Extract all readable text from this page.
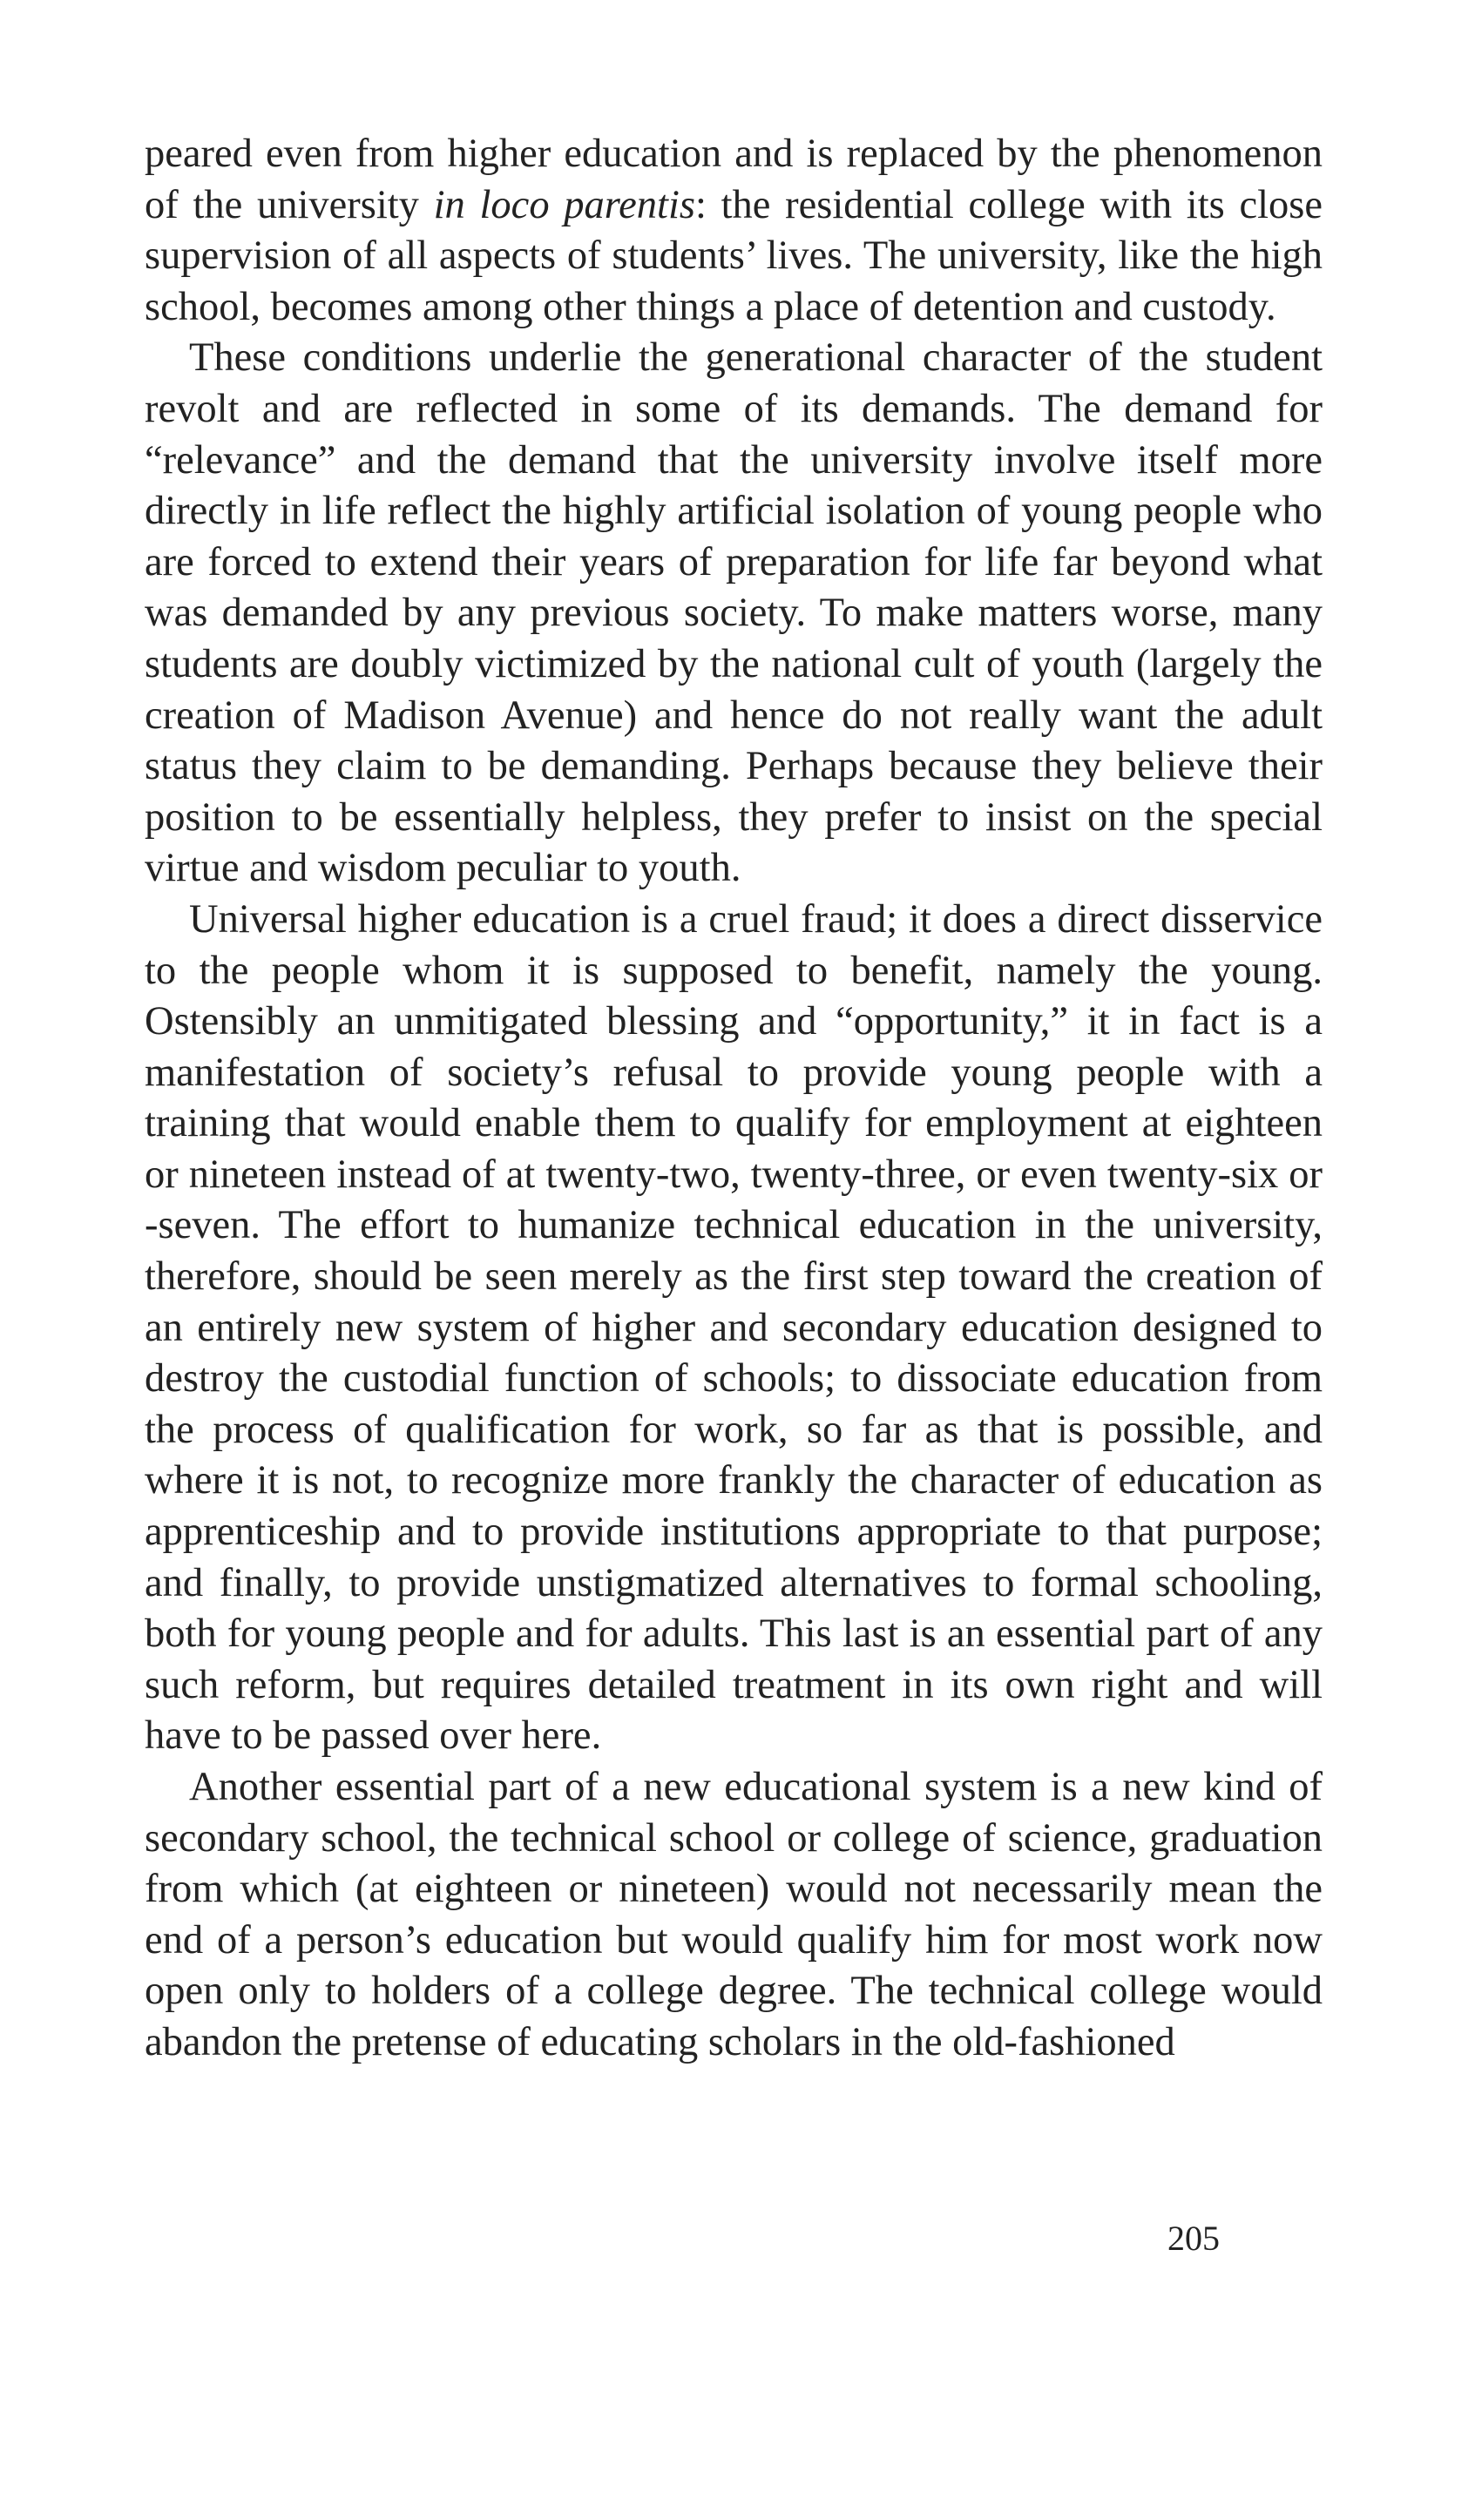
peared even from higher education and is replaced by the phenomenon of the university in loco parentis: the residential college with its close supervision of all aspects of students’ lives. The university, like the high school, becomes among other things a place of detention and custody.

These conditions underlie the generational character of the student revolt and are reflected in some of its demands. The demand for “relevance” and the demand that the university involve itself more directly in life reflect the highly artificial isolation of young people who are forced to extend their years of preparation for life far beyond what was demanded by any previous society. To make matters worse, many students are doubly victimized by the national cult of youth (largely the creation of Madison Avenue) and hence do not really want the adult status they claim to be demanding. Perhaps because they believe their position to be essentially helpless, they prefer to insist on the special virtue and wisdom peculiar to youth.

Universal higher education is a cruel fraud; it does a direct disservice to the people whom it is supposed to benefit, namely the young. Ostensibly an unmitigated blessing and “opportunity,” it in fact is a manifestation of society’s refusal to provide young people with a training that would enable them to qualify for employment at eighteen or nineteen instead of at twenty-two, twenty-three, or even twenty-six or -seven. The effort to humanize technical education in the university, therefore, should be seen merely as the first step toward the creation of an entirely new system of higher and secondary education designed to destroy the custodial function of schools; to dissociate education from the process of qualification for work, so far as that is possible, and where it is not, to recognize more frankly the character of education as apprenticeship and to provide institutions appropriate to that purpose; and finally, to provide unstigmatized alternatives to formal schooling, both for young people and for adults. This last is an essential part of any such reform, but requires detailed treatment in its own right and will have to be passed over here.

Another essential part of a new educational system is a new kind of secondary school, the technical school or college of science, graduation from which (at eighteen or nineteen) would not necessarily mean the end of a person’s education but would qualify him for most work now open only to holders of a college degree. The technical college would abandon the pretense of educating scholars in the old-fashioned

205
